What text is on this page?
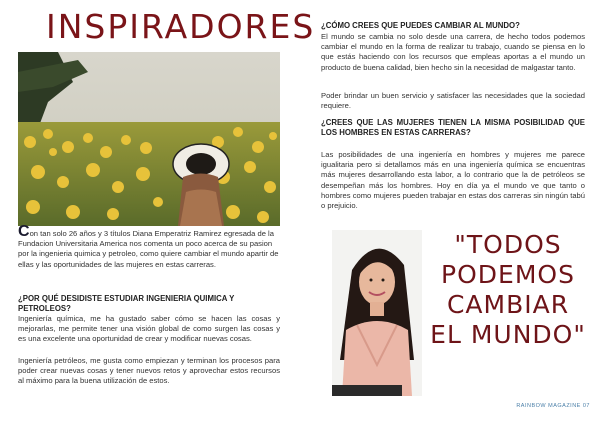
INSPIRADORES

Con tan solo 26 años y 3 títulos Diana Emperatriz Ramirez egresada de la Fundacion Universitaria America nos comenta un poco acerca de su pasion por la ingenieria quimica y petroleo, como quiere cambiar el mundo apartir de ellas y las oportunidades de las mujeres en estas carreras.

¿POR QUÉ DESIDISTE ESTUDIAR INGENIERIA QUIMICA Y PETROLEOS?

Ingeniería química, me ha gustado saber cómo se hacen las cosas y mejorarlas, me permite tener una visión global de como surgen las cosas y es una excelente una oportunidad de crear y modificar nuevas cosas.

Ingeniería petróleos, me gusta como empiezan y terminan los procesos para poder crear nuevas cosas y tener nuevos retos y aprovechar estos recursos al máximo para la buena utilización de estos.

¿CÓMO CREES QUE PUEDES CAMBIAR AL MUNDO?

El mundo se cambia no solo desde una carrera, de hecho todos podemos cambiar el mundo en la forma de realizar tu trabajo, cuando se piensa en lo que estás haciendo con los recursos que empleas aportas a el mundo un producto de buena calidad, bien hecho sin la necesidad de malgastar tanto.

Poder brindar un buen servicio y satisfacer las necesidades que la sociedad requiere.

¿CREES QUE LAS MUJERES TIENEN LA MISMA POSIBILIDAD QUE LOS HOMBRES EN ESTAS CARRERAS?

Las posibilidades de una ingeniería en hombres y mujeres me parece igualitaria pero si detallamos más en una ingeniería química se encuentras más mujeres desarrollando esta labor, a lo contrario que la de petróleos se desempeñan más los hombres. Hoy en día ya el mundo ve que tanto o hombres como mujeres pueden trabajar en estas dos carreras sin ningún tabú o prejuicio.

"TODOS PODEMOS CAMBIAR EL MUNDO"

RAINBOW MAGAZINE 07
